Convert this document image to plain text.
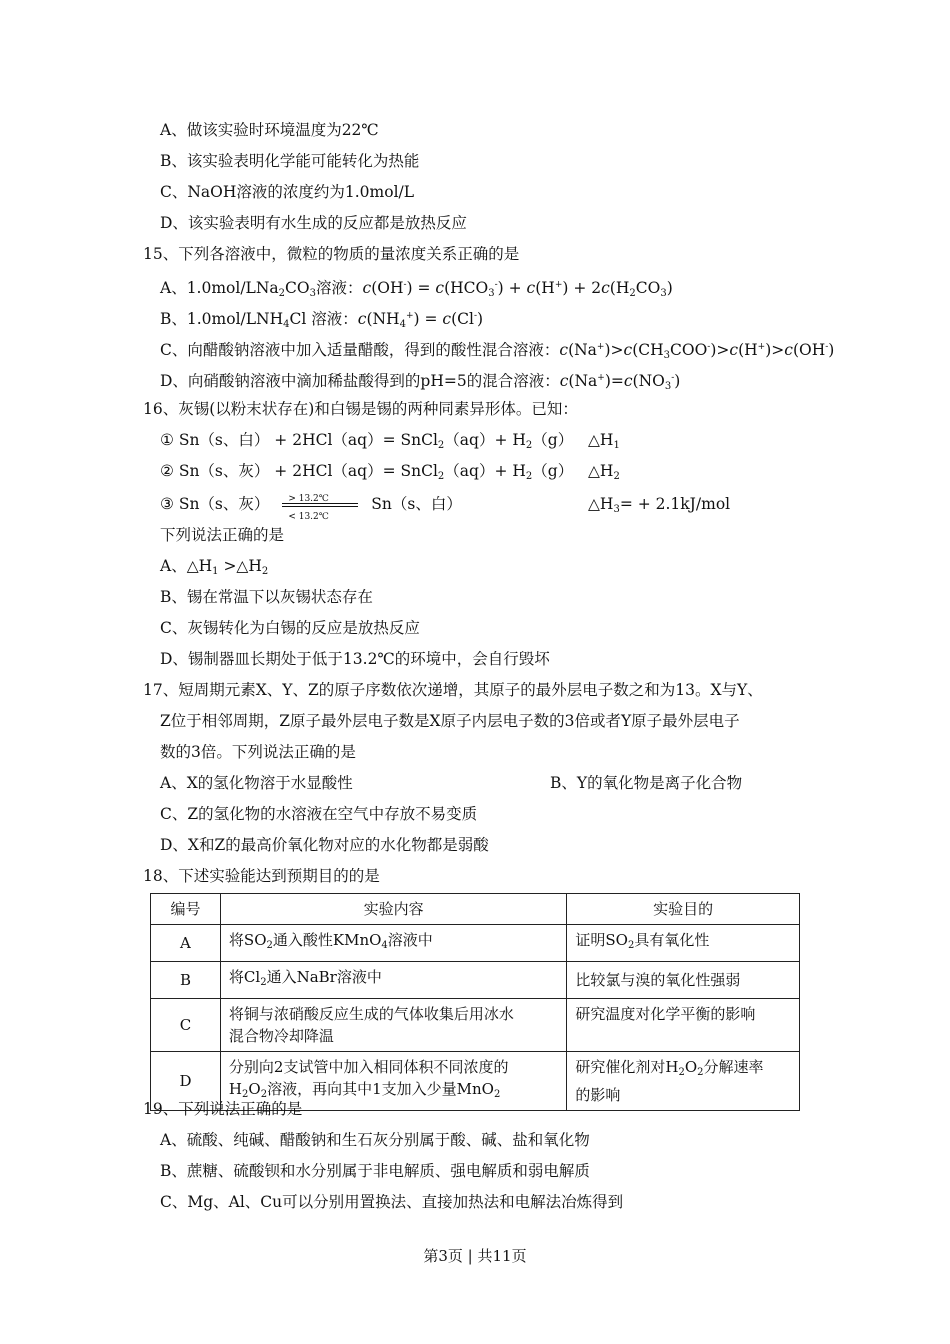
A、做该实验时环境温度为22℃
B、该实验表明化学能可能转化为热能
C、NaOH溶液的浓度约为1.0mol/L
D、该实验表明有水生成的反应都是放热反应
15、下列各溶液中，微粒的物质的量浓度关系正确的是
A、1.0mol/LNa2CO3溶液：c(OH-) = c(HCO3-) + c(H+) + 2c(H2CO3)
B、1.0mol/LNH4Cl 溶液：c(NH4+) = c(Cl-)
C、向醋酸钠溶液中加入适量醋酸，得到的酸性混合溶液：c(Na+)>c(CH3COO-)>c(H+)>c(OH-)
D、向硝酸钠溶液中滴加稀盐酸得到的pH=5的混合溶液：c(Na+)=c(NO3-)
16、灰锡(以粉末状存在)和白锡是锡的两种同素异形体。已知：
① Sn（s、白） + 2HCl（aq）= SnCl2（aq）+ H2（g） △H1
② Sn（s、灰） + 2HCl（aq）= SnCl2（aq）+ H2（g） △H2
③ Sn（s、灰） $\frac{> 13.2℃}{< 13.2℃} Sn(s$、白）	△H3= + 2.1kJ/mol
下列说法正确的是
A、△H1 >△H2
B、锡在常温下以灰锡状态存在
C、灰锡转化为白锡的反应是放热反应
D、锡制器皿长期处于低于13.2℃的环境中，会自行毁坏
17、短周期元素X、Y、Z的原子序数依次递增，其原子的最外层电子数之和为13。X与Y、
Z位于相邻周期，Z原子最外层电子数是X原子内层电子数的3倍或者Y原子最外层电子
数的3倍。下列说法正确的是
A、X的氢化物溶于水显酸性	B、Y的氧化物是离子化合物
C、Z的氢化物的水溶液在空气中存放不易变质
D、X和Z的最高价氧化物对应的水化物都是弱酸
18、下述实验能达到预期目的的是
编号	实验内容	实验目的
A	将$SO_2$通入酸性KMnO$_4$溶液中	证明$SO_2$具有氧化性
B	将$Cl_2$通入NaBr溶液中	比较氯与溴的氧化性强弱
C	将铜与浓硝酸反应生成的气体收集后用冰水
混合物冷却降温	研究温度对化学平衡的影响
D	分别向2支试管中加入相同体积不同浓度的
$H_2O_2$溶液，再向其中1支加入少量MnO$_2$	研究催化剂对$H_2O_2$分解速率
的影响
19、下列说法正确的是
A、硫酸、纯碱、醋酸钠和生石灰分别属于酸、碱、盐和氧化物
B、蔗糖、硫酸钡和水分别属于非电解质、强电解质和弱电解质
C、Mg、Al、Cu可以分别用置换法、直接加热法和电解法冶炼得到
第3页 | 共11页
